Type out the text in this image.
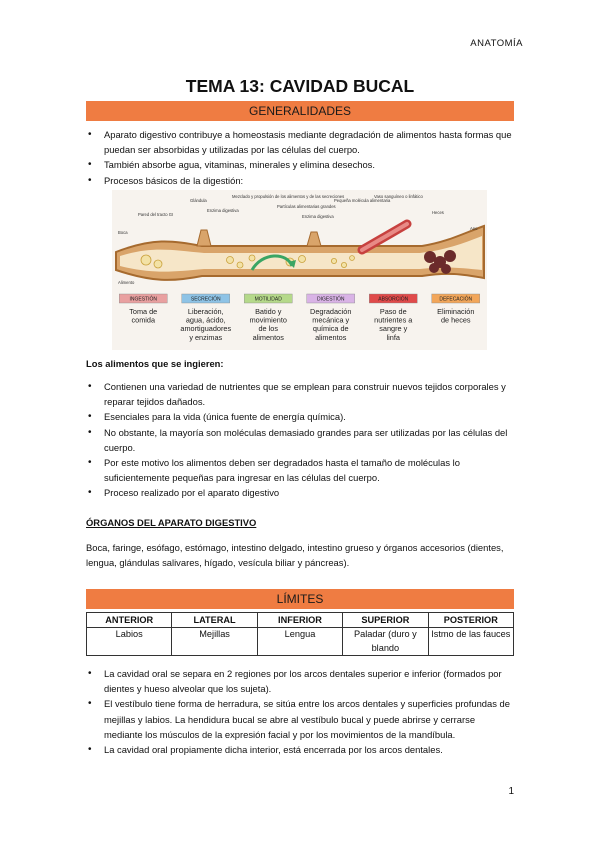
ANATOMÍA
TEMA 13: CAVIDAD BUCAL
GENERALIDADES
• Aparato digestivo contribuye a homeostasis mediante degradación de alimentos hasta formas que puedan ser absorbidas y utilizadas por las células del cuerpo.
• También absorbe agua, vitaminas, minerales y elimina desechos.
• Procesos básicos de la digestión:
Boca
Pared del tracto GI
Glándula
Enzima digestiva
Mezclado y propulsión de los alimentos y de las secreciones
Partículas alimentarias grandes
Enzima digestiva
Pequeña molécula alimentaria
Vaso sanguíneo o linfático
Heces
Ano
Alimento
INGESTIÓN
Toma de
comida
SECRECIÓN
Liberación,
agua, ácido,
amortiguadores
y enzimas
MOTILIDAD
Batido y
movimiento
de los
alimentos
DIGESTIÓN
Degradación
mecánica y
química de
alimentos
ABSORCIÓN
Paso de
nutrientes a
sangre y
linfa
DEFECACIÓN
Eliminación
de heces
Los alimentos que se ingieren:
• Contienen una variedad de nutrientes que se emplean para construir nuevos tejidos corporales y reparar tejidos dañados.
• Esenciales para la vida (única fuente de energía química).
• No obstante, la mayoría son moléculas demasiado grandes para ser utilizadas por las células del cuerpo.
• Por este motivo los alimentos deben ser degradados hasta el tamaño de moléculas lo suficientemente pequeñas para ingresar en las células del cuerpo.
• Proceso realizado por el aparato digestivo
ÓRGANOS DEL APARATO DIGESTIVO
Boca, faringe, esófago, estómago, intestino delgado, intestino grueso y órganos accesorios (dientes, lengua, glándulas salivares, hígado, vesícula biliar y páncreas).
LÍMITES
ANTERIOR	LATERAL	INFERIOR	SUPERIOR	POSTERIOR
Labios	Mejillas	Lengua	Paladar (duro y blando	Istmo de las fauces
• La cavidad oral se separa en 2 regiones por los arcos dentales superior e inferior (formados por dientes y hueso alveolar que los sujeta).
• El vestíbulo tiene forma de herradura, se sitúa entre los arcos dentales y superficies profundas de mejillas y labios. La hendidura bucal se abre al vestíbulo bucal y puede abrirse y cerrarse mediante los músculos de la expresión facial y por los movimientos de la mandíbula.
• La cavidad oral propiamente dicha interior, está encerrada por los arcos dentales.
1
